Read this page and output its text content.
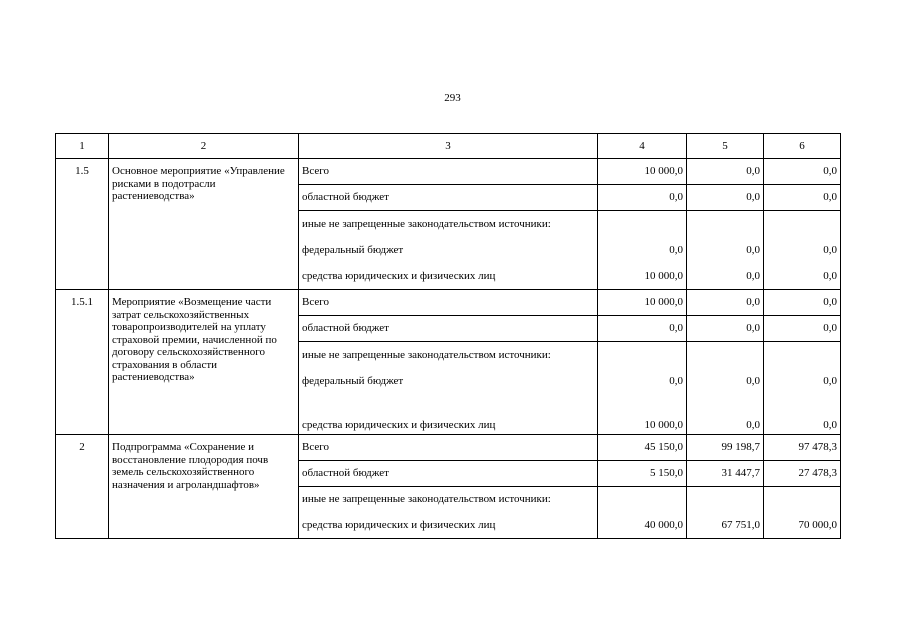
293
1	2	3	4	5	6
1.5	Основное мероприятие «Управление рисками в подотрасли растениеводства»	Всего	10 000,0	0,0	0,0
		областной бюджет	0,0	0,0	0,0
		иные не запрещенные законодательством источники:			
		федеральный бюджет	0,0	0,0	0,0
		средства юридических и физических лиц	10 000,0	0,0	0,0
1.5.1	Мероприятие «Возмещение части затрат сельскохозяйственных товаропроизводителей на уплату страховой премии, начисленной по договору сельскохозяйственного страхования в области растениеводства»	Всего	10 000,0	0,0	0,0
		областной бюджет	0,0	0,0	0,0
		иные не запрещенные законодательством источники:			
		федеральный бюджет	0,0	0,0	0,0
		средства юридических и физических лиц	10 000,0	0,0	0,0
2	Подпрограмма «Сохранение и восстановление плодородия почв земель сельскохозяйственного назначения и агроландшафтов»	Всего	45 150,0	99 198,7	97 478,3
		областной бюджет	5 150,0	31 447,7	27 478,3
		иные не запрещенные законодательством источники:			
		средства юридических и физических лиц	40 000,0	67 751,0	70 000,0
